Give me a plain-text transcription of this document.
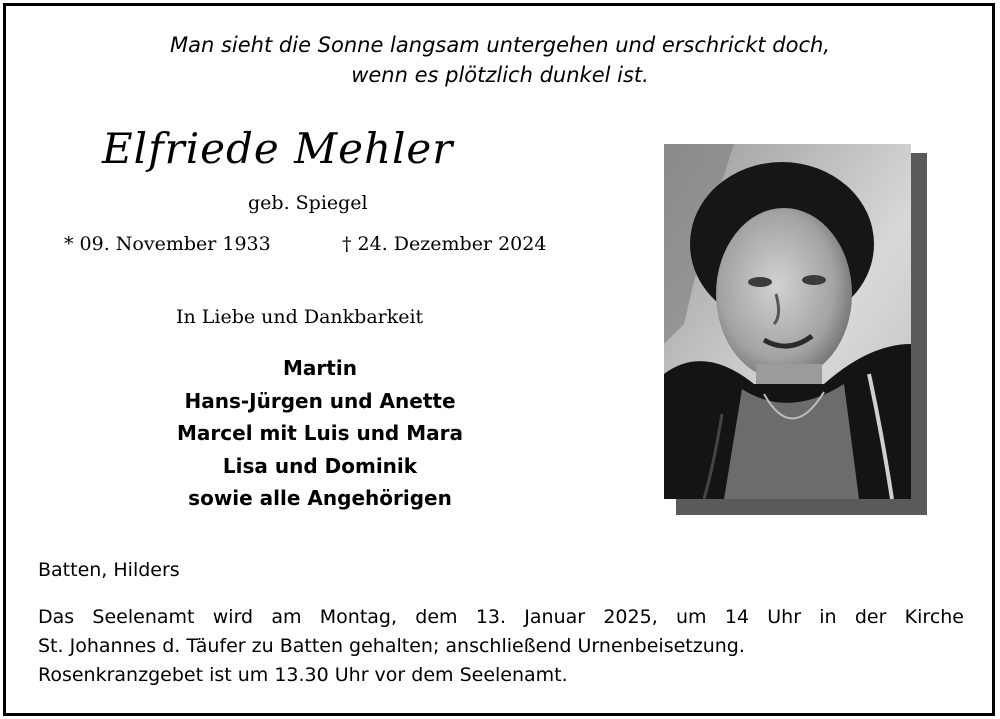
Man sieht die Sonne langsam untergehen und erschrickt doch,
wenn es plötzlich dunkel ist.
Elfriede Mehler
geb. Spiegel
* 09. November 1933	† 24. Dezember 2024
In Liebe und Dankbarkeit
Martin
Hans-Jürgen und Anette
Marcel mit Luis und Mara
Lisa und Dominik
sowie alle Angehörigen
Batten, Hilders
Das Seelenamt wird am Montag, dem 13. Januar 2025, um 14 Uhr in der Kirche
St. Johannes d. Täufer zu Batten gehalten; anschließend Urnenbeisetzung.
Rosenkranzgebet ist um 13.30 Uhr vor dem Seelenamt.
